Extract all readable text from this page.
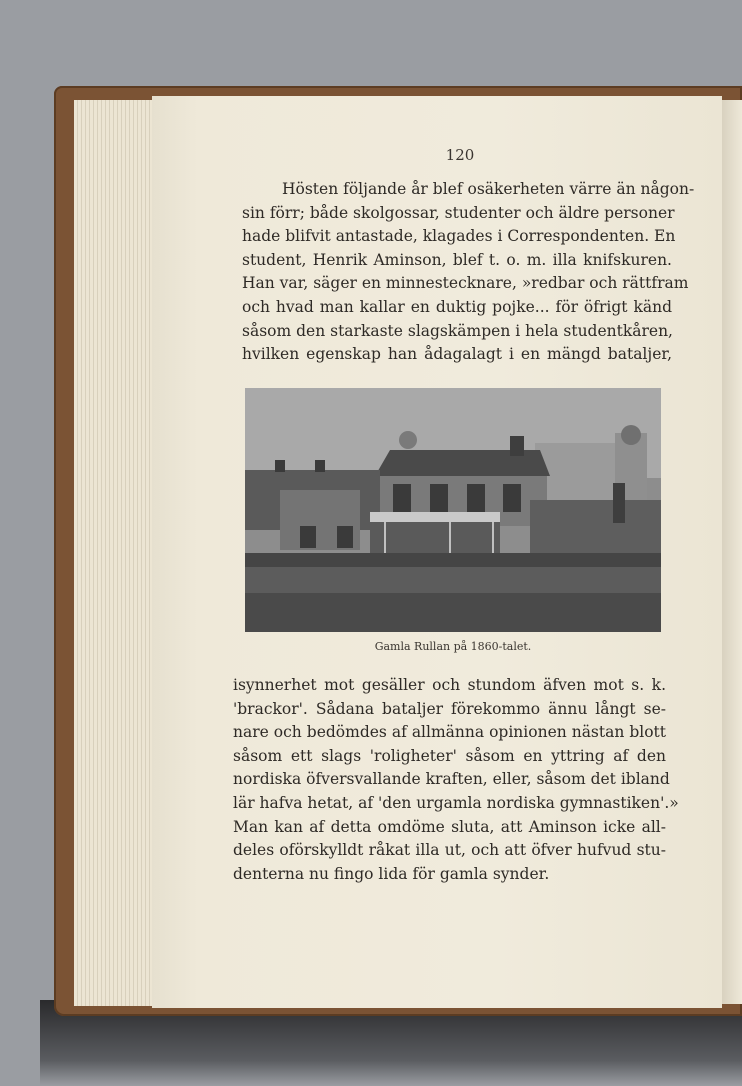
120
Hösten följande år blef osäkerheten värre än någon-
sin förr; både skolgossar, studenter och äldre personer
hade blifvit antastade, klagades i Correspondenten. En
student, Henrik Aminson, blef t. o. m. illa knifskuren.
Han var, säger en minnestecknare, »redbar och rättfram
och hvad man kallar en duktig pojke... för öfrigt känd
såsom den starkaste slagskämpen i hela studentkåren,
hvilken egenskap han ådagalagt i en mängd bataljer,
Gamla Rullan på 1860-talet.
isynnerhet mot gesäller och stundom äfven mot s. k.
'brackor'. Sådana bataljer förekommo ännu långt se-
nare och bedömdes af allmänna opinionen nästan blott
såsom ett slags 'roligheter' såsom en yttring af den
nordiska öfversvallande kraften, eller, såsom det ibland
lär hafva hetat, af 'den urgamla nordiska gymnastiken'.»
Man kan af detta omdöme sluta, att Aminson icke all-
deles oförskylldt råkat illa ut, och att öfver hufvud stu-
denterna nu fingo lida för gamla synder.
